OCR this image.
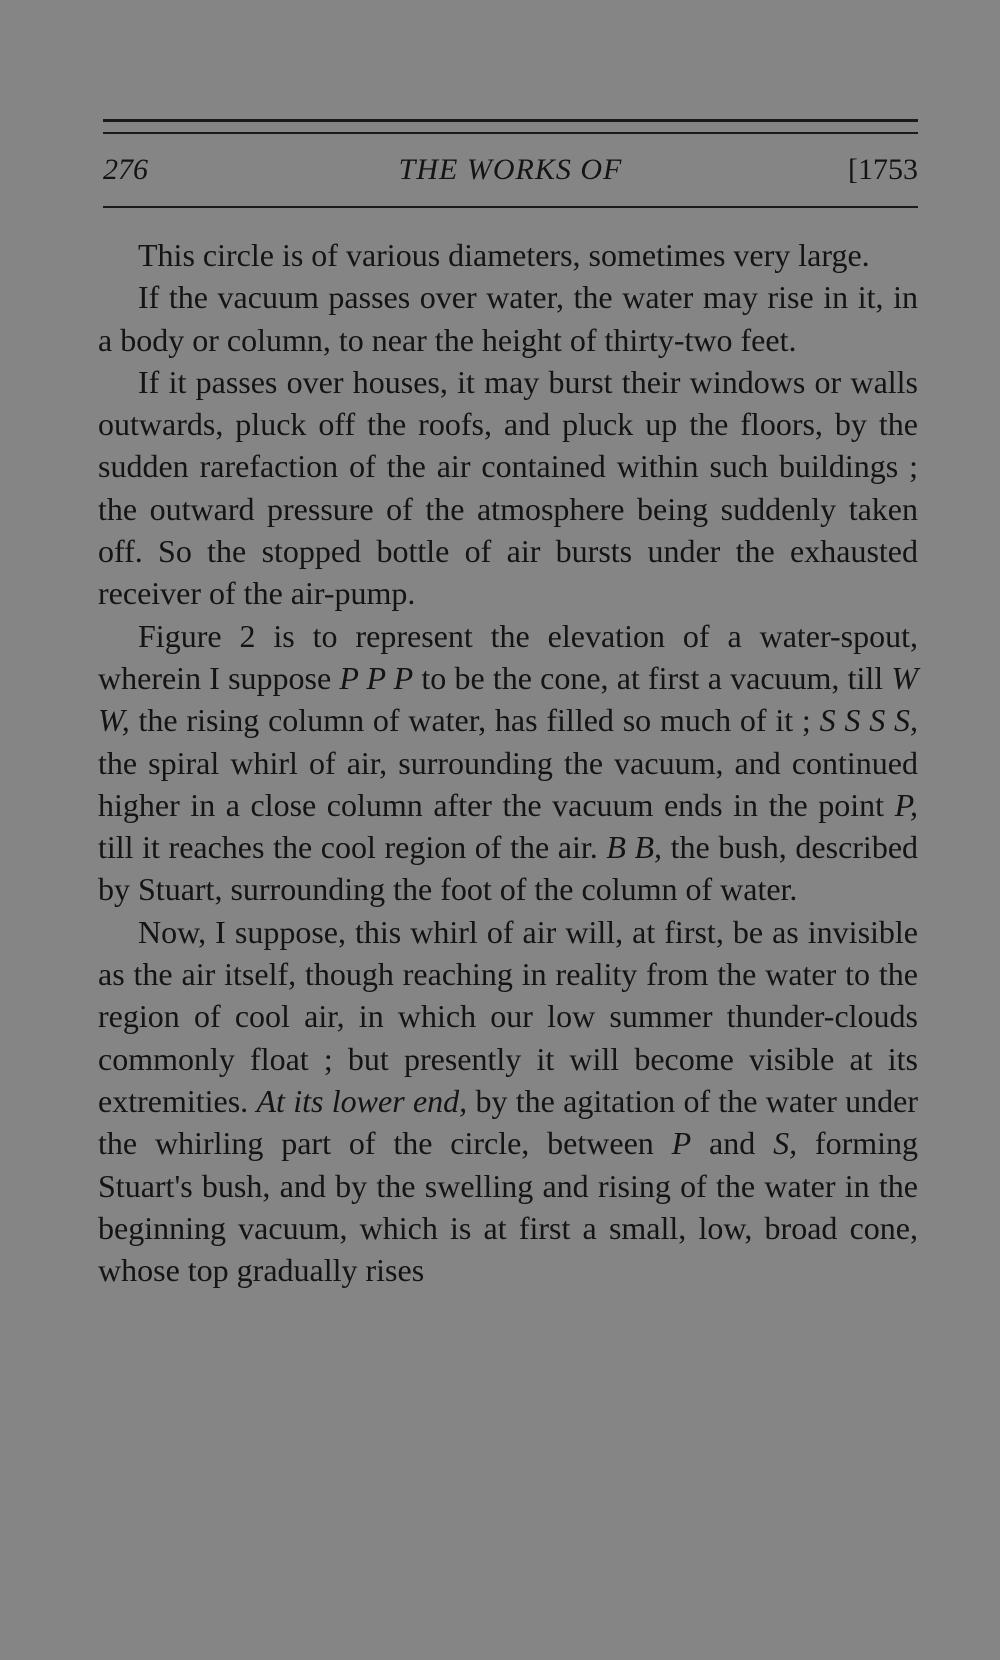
276	THE WORKS OF	[1753

This circle is of various diameters, sometimes very large.

If the vacuum passes over water, the water may rise in it, in a body or column, to near the height of thirty-two feet.

If it passes over houses, it may burst their windows or walls outwards, pluck off the roofs, and pluck up the floors, by the sudden rarefaction of the air contained within such buildings ; the outward pressure of the atmosphere being suddenly taken off. So the stopped bottle of air bursts under the exhausted receiver of the air-pump.

Figure 2 is to represent the elevation of a water-spout, wherein I suppose P P P to be the cone, at first a vacuum, till W W, the rising column of water, has filled so much of it ; S S S S, the spiral whirl of air, surrounding the vacuum, and continued higher in a close column after the vacuum ends in the point P, till it reaches the cool region of the air. B B, the bush, described by Stuart, surrounding the foot of the column of water.

Now, I suppose, this whirl of air will, at first, be as invisible as the air itself, though reaching in reality from the water to the region of cool air, in which our low summer thunder-clouds commonly float ; but presently it will become visible at its extremities. At its lower end, by the agitation of the water under the whirling part of the circle, between P and S, forming Stuart's bush, and by the swelling and rising of the water in the beginning vacuum, which is at first a small, low, broad cone, whose top gradually rises
